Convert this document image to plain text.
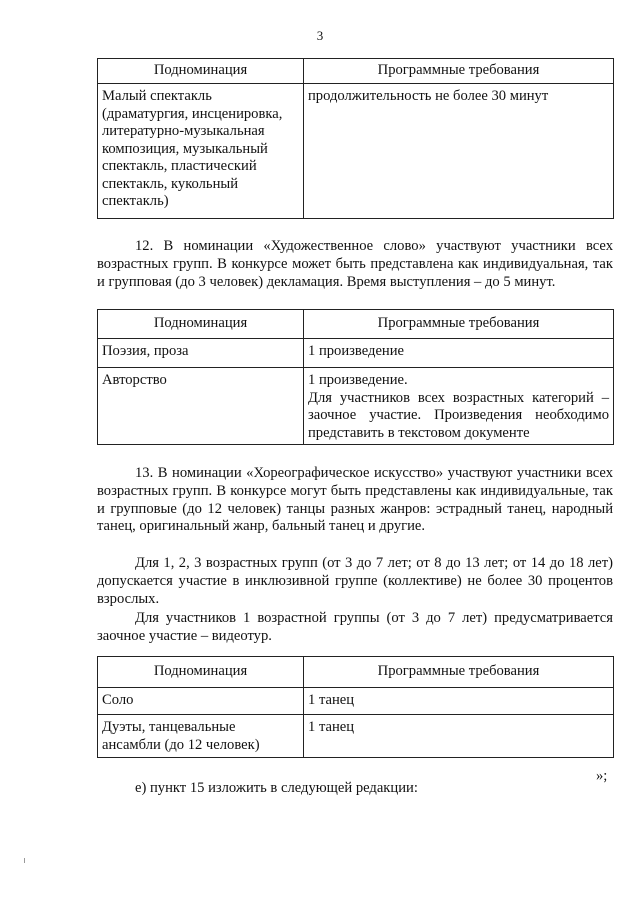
3
Подноминация	Программные требования
Малый спектакль (драматургия, инсценировка, литературно-музыкальная композиция, музыкальный спектакль, пластический спектакль, кукольный спектакль)	продолжительность не более 30 минут

12. В номинации «Художественное слово» участвуют участники всех возрастных групп. В конкурсе может быть представлена как индивидуальная, так и групповая (до 3 человек) декламация. Время выступления – до 5 минут.

Подноминация	Программные требования
Поэзия, проза	1 произведение
Авторство	1 произведение.
Для участников всех возрастных категорий – заочное участие. Произведения необходимо представить в текстовом документе

13. В номинации «Хореографическое искусство» участвуют участники всех возрастных групп. В конкурсе могут быть представлены как индивидуальные, так и групповые (до 12 человек) танцы разных жанров: эстрадный танец, народный танец, оригинальный жанр, бальный танец и другие.

Для 1, 2, 3 возрастных групп (от 3 до 7 лет; от 8 до 13 лет; от 14 до 18 лет) допускается участие в инклюзивной группе (коллективе) не более 30 процентов взрослых.

Для участников 1 возрастной группы (от 3 до 7 лет) предусматривается заочное участие – видеотур.

Подноминация	Программные требования
Соло	1 танец
Дуэты, танцевальные ансамбли (до 12 человек)	1 танец
»;
е) пункт 15 изложить в следующей редакции:
